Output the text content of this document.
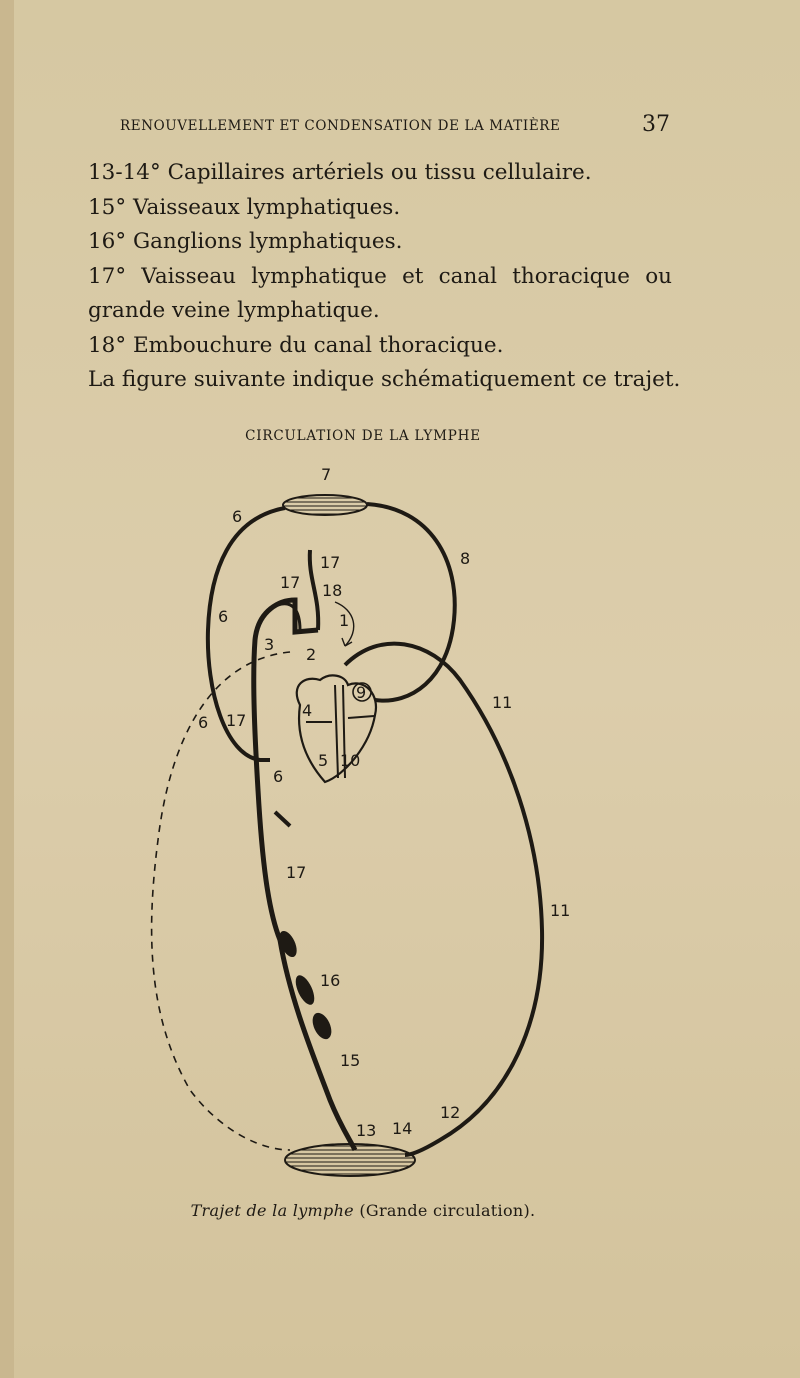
RENOUVELLEMENT ET CONDENSATION DE LA MATIÈRE	37

13-14° Capillaires artériels ou tissu cellulaire.

15° Vaisseaux lymphatiques.

16° Ganglions lymphatiques.

17° Vaisseau lymphatique et canal thoracique ou grande veine lymphatique.

18° Embouchure du canal thoracique.

La figure suivante indique schématiquement ce trajet.

CIRCULATION DE LA LYMPHE
7
6
6
6
6
17
17
17
17
18
1
8
3
2
9
4
5 10
11
11
16
15
13 14
12
Trajet de la lymphe (Grande circulation).
